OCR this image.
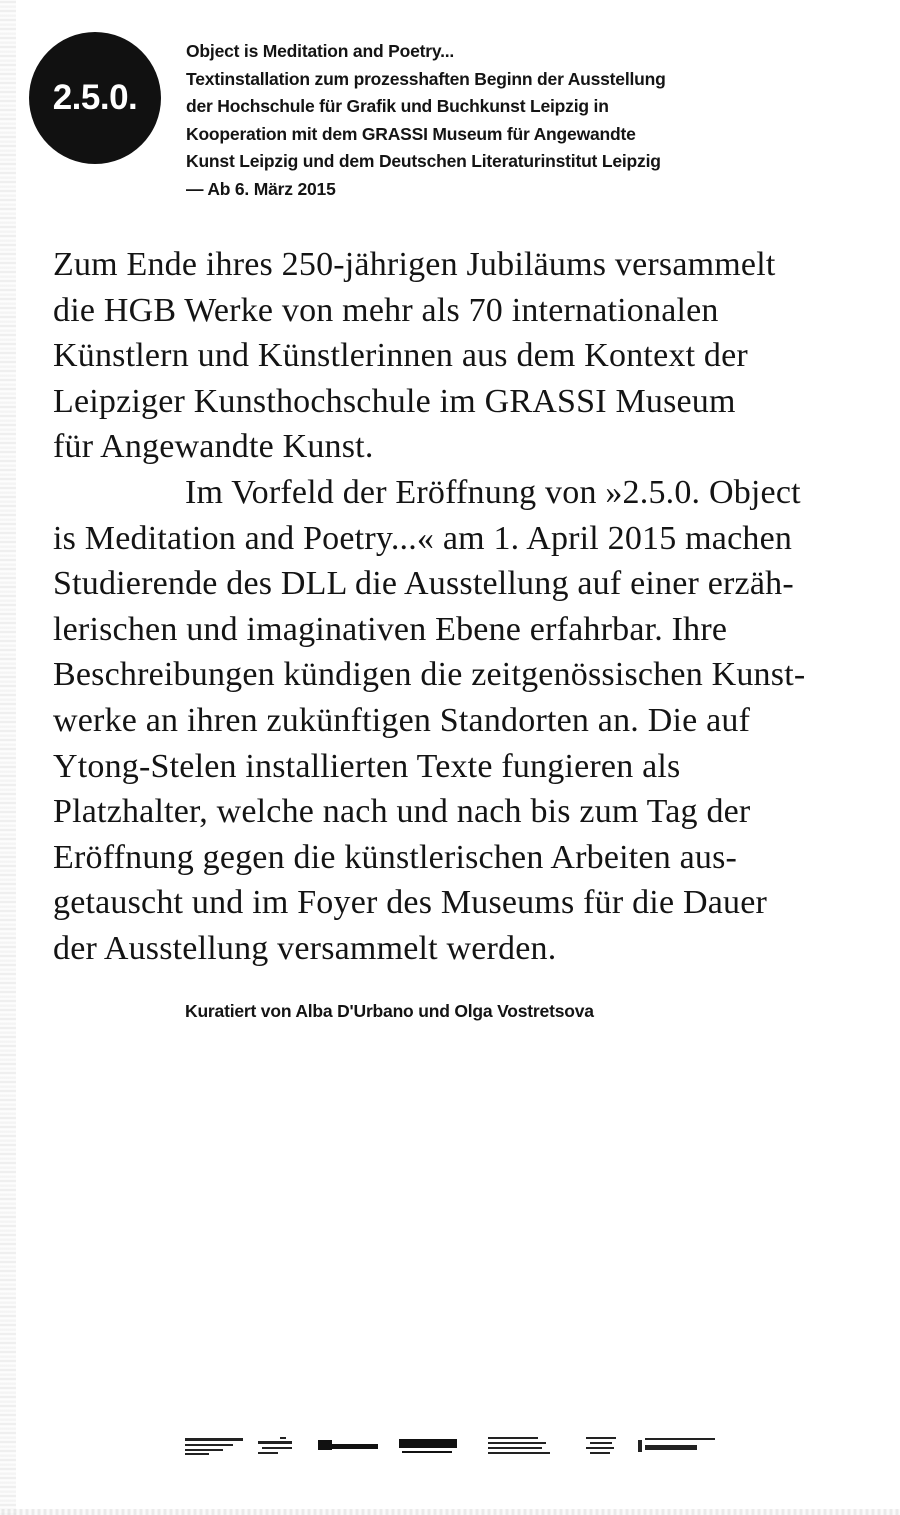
2.5.0.
Object is Meditation and Poetry...
Textinstallation zum prozesshaften Beginn der Ausstellung
der Hochschule für Grafik und Buchkunst Leipzig in
Kooperation mit dem GRASSI Museum für Angewandte
Kunst Leipzig und dem Deutschen Literaturinstitut Leipzig
— Ab 6. März 2015
Zum Ende ihres 250-jährigen Jubiläums versammelt
die HGB Werke von mehr als 70 internationalen
Künstlern und Künstlerinnen aus dem Kontext der
Leipziger Kunsthochschule im GRASSI Museum
für Angewandte Kunst.
Im Vorfeld der Eröffnung von »2.5.0. Object
is Meditation and Poetry...« am 1. April 2015 machen
Studierende des DLL die Ausstellung auf einer erzäh-
lerischen und imaginativen Ebene erfahrbar. Ihre
Beschreibungen kündigen die zeitgenössischen Kunst-
werke an ihren zukünftigen Standorten an. Die auf
Ytong-Stelen installierten Texte fungieren als
Platzhalter, welche nach und nach bis zum Tag der
Eröffnung gegen die künstlerischen Arbeiten aus-
getauscht und im Foyer des Museums für die Dauer
der Ausstellung versammelt werden.
Kuratiert von Alba D'Urbano und Olga Vostretsova
